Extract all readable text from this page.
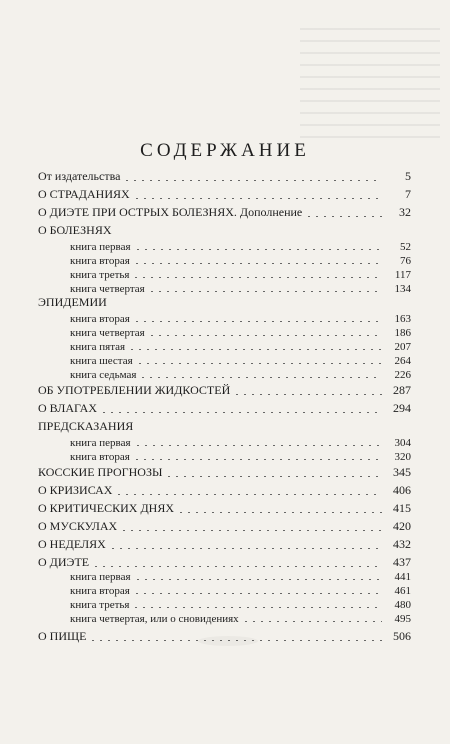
СОДЕРЖАНИЕ
От издательства	5
О СТРАДАНИЯХ	7
О ДИЭТЕ ПРИ ОСТРЫХ БОЛЕЗНЯХ. Дополнение	32
О БОЛЕЗНЯХ
книга первая	52
книга вторая	76
книга третья	117
книга четвертая	134
ЭПИДЕМИИ
книга вторая	163
книга четвертая	186
книга пятая	207
книга шестая	264
книга седьмая	226
ОБ УПОТРЕБЛЕНИИ ЖИДКОСТЕЙ	287
О ВЛАГАХ	294
ПРЕДСКАЗАНИЯ
книга первая	304
книга вторая	320
КОССКИЕ ПРОГНОЗЫ	345
О КРИЗИСАХ	406
О КРИТИЧЕСКИХ ДНЯХ	415
О МУСКУЛАХ	420
О НЕДЕЛЯХ	432
О ДИЭТЕ	437
книга первая	441
книга вторая	461
книга третья	480
книга четвертая, или о сновидениях	495
О ПИЩЕ	506
